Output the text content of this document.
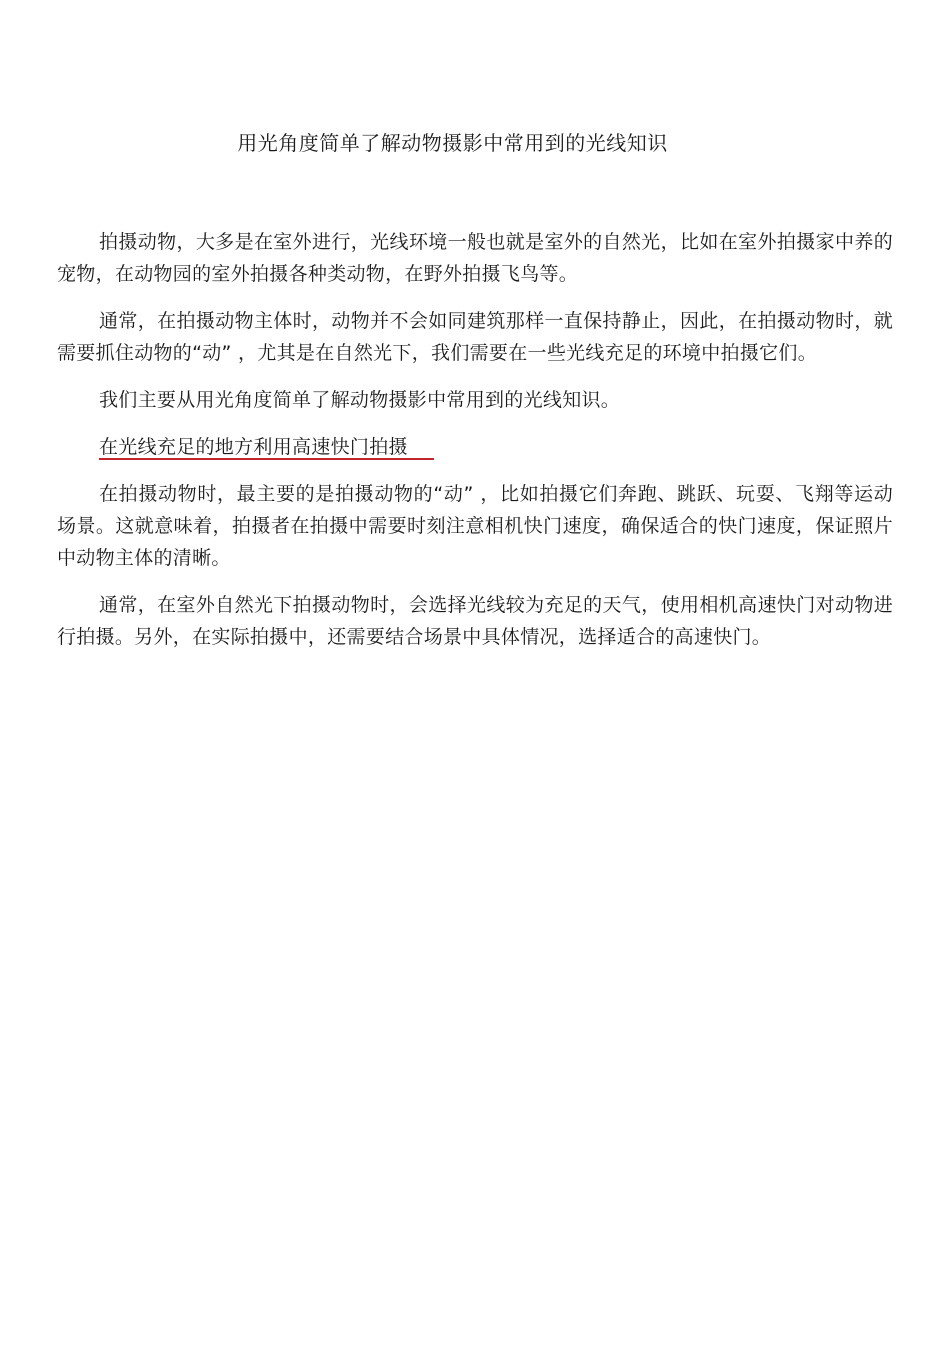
用光角度简单了解动物摄影中常用到的光线知识

拍摄动物，大多是在室外进行，光线环境一般也就是室外的自然光，比如在室外拍摄家中养的宠物，在动物园的室外拍摄各种类动物，在野外拍摄飞鸟等。

通常，在拍摄动物主体时，动物并不会如同建筑那样一直保持静止，因此，在拍摄动物时，就需要抓住动物的“动” ，尤其是在自然光下，我们需要在一些光线充足的环境中拍摄它们。

我们主要从用光角度简单了解动物摄影中常用到的光线知识。

在光线充足的地方利用高速快门拍摄

在拍摄动物时，最主要的是拍摄动物的“动” ，比如拍摄它们奔跑、跳跃、玩耍、飞翔等运动场景。这就意味着，拍摄者在拍摄中需要时刻注意相机快门速度，确保适合的快门速度，保证照片中动物主体的清晰。

通常，在室外自然光下拍摄动物时，会选择光线较为充足的天气，使用相机高速快门对动物进行拍摄。另外，在实际拍摄中，还需要结合场景中具体情况，选择适合的高速快门。
